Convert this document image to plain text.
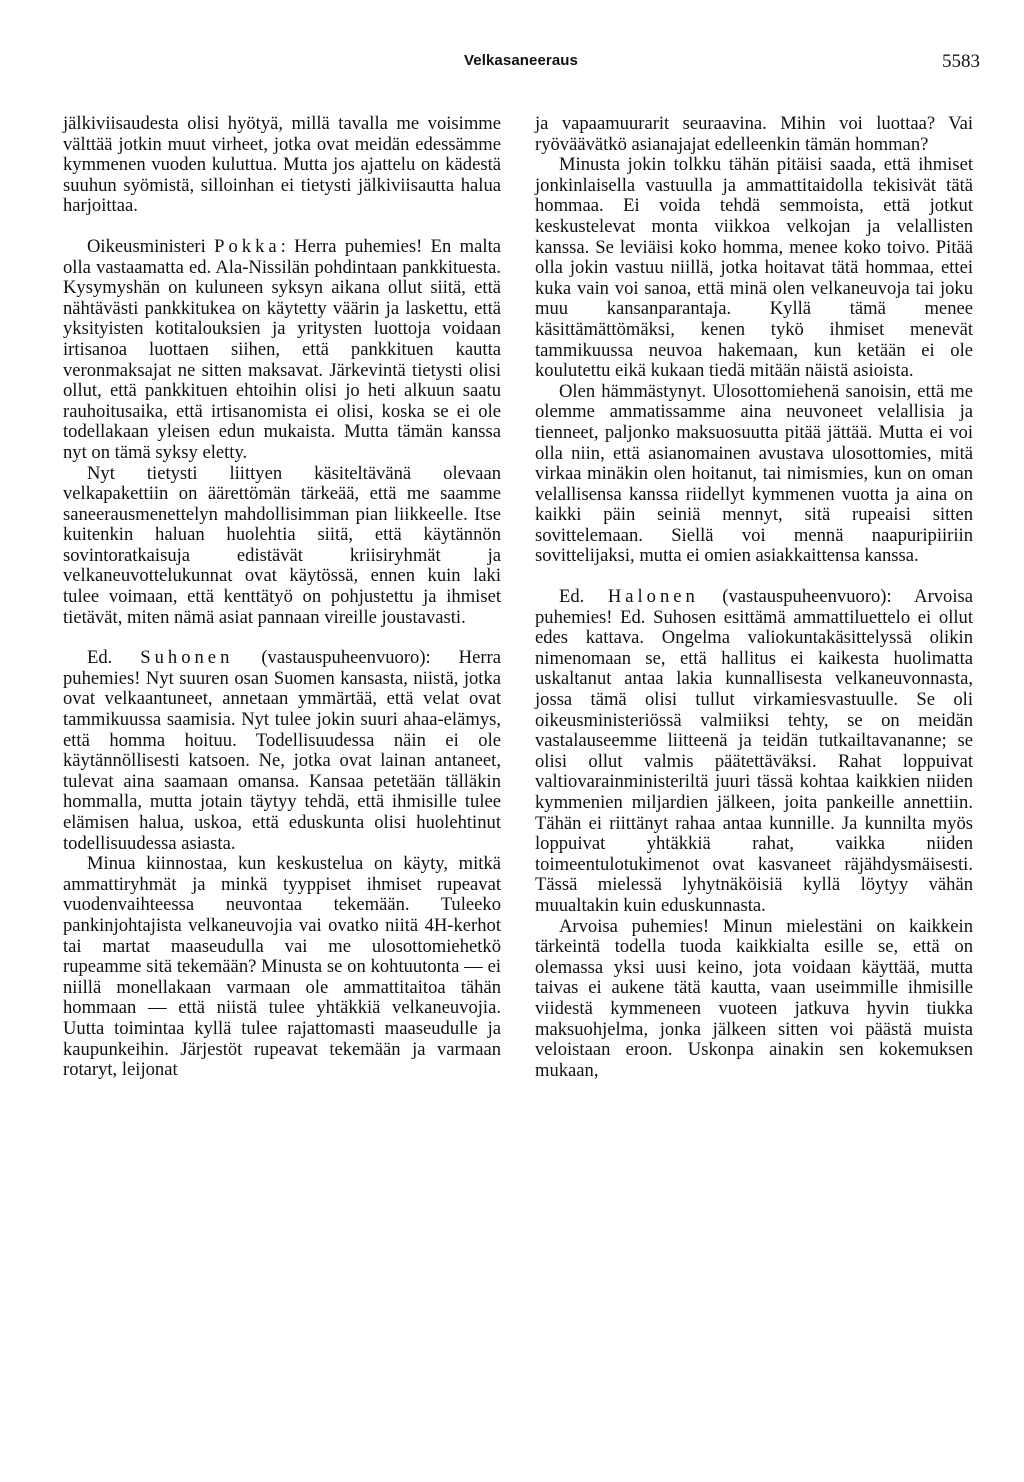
Velkasaneeraus	5583

jälkiviisaudesta olisi hyötyä, millä tavalla me voisimme välttää jotkin muut virheet, jotka ovat meidän edessämme kymmenen vuoden kuluttua. Mutta jos ajattelu on kädestä suuhun syömistä, silloinhan ei tietysti jälkiviisautta halua harjoittaa.

Oikeusministeri Pokka: Herra puhemies! En malta olla vastaamatta ed. Ala-Nissilän pohdintaan pankkituesta. Kysymyshän on kuluneen syksyn aikana ollut siitä, että nähtävästi pankkitukea on käytetty väärin ja laskettu, että yksityisten kotitalouksien ja yritysten luottoja voidaan irtisanoa luottaen siihen, että pankkituen kautta veronmaksajat ne sitten maksavat. Järkevintä tietysti olisi ollut, että pankkituen ehtoihin olisi jo heti alkuun saatu rauhoitusaika, että irtisanomista ei olisi, koska se ei ole todellakaan yleisen edun mukaista. Mutta tämän kanssa nyt on tämä syksy eletty.

Nyt tietysti liittyen käsiteltävänä olevaan velkapakettiin on äärettömän tärkeää, että me saamme saneerausmenettelyn mahdollisimman pian liikkeelle. Itse kuitenkin haluan huolehtia siitä, että käytännön sovintoratkaisuja edistävät kriisiryhmät ja velkaneuvottelukunnat ovat käytössä, ennen kuin laki tulee voimaan, että kenttätyö on pohjustettu ja ihmiset tietävät, miten nämä asiat pannaan vireille joustavasti.

Ed. Suhonen (vastauspuheenvuoro): Herra puhemies! Nyt suuren osan Suomen kansasta, niistä, jotka ovat velkaantuneet, annetaan ymmärtää, että velat ovat tammikuussa saamisia. Nyt tulee jokin suuri ahaa-elämys, että homma hoituu. Todellisuudessa näin ei ole käytännöllisesti katsoen. Ne, jotka ovat lainan antaneet, tulevat aina saamaan omansa. Kansaa petetään tälläkin hommalla, mutta jotain täytyy tehdä, että ihmisille tulee elämisen halua, uskoa, että eduskunta olisi huolehtinut todellisuudessa asiasta.

Minua kiinnostaa, kun keskustelua on käyty, mitkä ammattiryhmät ja minkä tyyppiset ihmiset rupeavat vuodenvaihteessa neuvontaa tekemään. Tuleeko pankinjohtajista velkaneuvojia vai ovatko niitä 4H-kerhot tai martat maaseudulla vai me ulosottomiehetkö rupeamme sitä tekemään? Minusta se on kohtuutonta — ei niillä monellakaan varmaan ole ammattitaitoa tähän hommaan — että niistä tulee yhtäkkiä velkaneuvojia. Uutta toimintaa kyllä tulee rajattomasti maaseudulle ja kaupunkeihin. Järjestöt rupeavat tekemään ja varmaan rotaryt, leijonat

ja vapaamuurarit seuraavina. Mihin voi luottaa? Vai ryöväävätkö asianajajat edelleenkin tämän homman?

Minusta jokin tolkku tähän pitäisi saada, että ihmiset jonkinlaisella vastuulla ja ammattitaidolla tekisivät tätä hommaa. Ei voida tehdä semmoista, että jotkut keskustelevat monta viikkoa velkojan ja velallisten kanssa. Se leviäisi koko homma, menee koko toivo. Pitää olla jokin vastuu niillä, jotka hoitavat tätä hommaa, ettei kuka vain voi sanoa, että minä olen velkaneuvoja tai joku muu kansanparantaja. Kyllä tämä menee käsittämättömäksi, kenen tykö ihmiset menevät tammikuussa neuvoa hakemaan, kun ketään ei ole koulutettu eikä kukaan tiedä mitään näistä asioista.

Olen hämmästynyt. Ulosottomiehenä sanoisin, että me olemme ammatissamme aina neuvoneet velallisia ja tienneet, paljonko maksuosuutta pitää jättää. Mutta ei voi olla niin, että asianomainen avustava ulosottomies, mitä virkaa minäkin olen hoitanut, tai nimismies, kun on oman velallisensa kanssa riidellyt kymmenen vuotta ja aina on kaikki päin seiniä mennyt, sitä rupeaisi sitten sovittelemaan. Siellä voi mennä naapuripiiriin sovittelijaksi, mutta ei omien asiakkaittensa kanssa.

Ed. Halonen (vastauspuheenvuoro): Arvoisa puhemies! Ed. Suhosen esittämä ammattiluettelo ei ollut edes kattava. Ongelma valiokuntakäsittelyssä olikin nimenomaan se, että hallitus ei kaikesta huolimatta uskaltanut antaa lakia kunnallisesta velkaneuvonnasta, jossa tämä olisi tullut virkamiesvastuulle. Se oli oikeusministeriössä valmiiksi tehty, se on meidän vastalauseemme liitteenä ja teidän tutkailtavananne; se olisi ollut valmis päätettäväksi. Rahat loppuivat valtiovarainministeriltä juuri tässä kohtaa kaikkien niiden kymmenien miljardien jälkeen, joita pankeille annettiin. Tähän ei riittänyt rahaa antaa kunnille. Ja kunnilta myös loppuivat yhtäkkiä rahat, vaikka niiden toimeentulotukimenot ovat kasvaneet räjähdysmäisesti. Tässä mielessä lyhytnäköisiä kyllä löytyy vähän muualtakin kuin eduskunnasta.

Arvoisa puhemies! Minun mielestäni on kaikkein tärkeintä todella tuoda kaikkialta esille se, että on olemassa yksi uusi keino, jota voidaan käyttää, mutta taivas ei aukene tätä kautta, vaan useimmille ihmisille viidestä kymmeneen vuoteen jatkuva hyvin tiukka maksuohjelma, jonka jälkeen sitten voi päästä muista veloistaan eroon. Uskonpa ainakin sen kokemuksen mukaan,
